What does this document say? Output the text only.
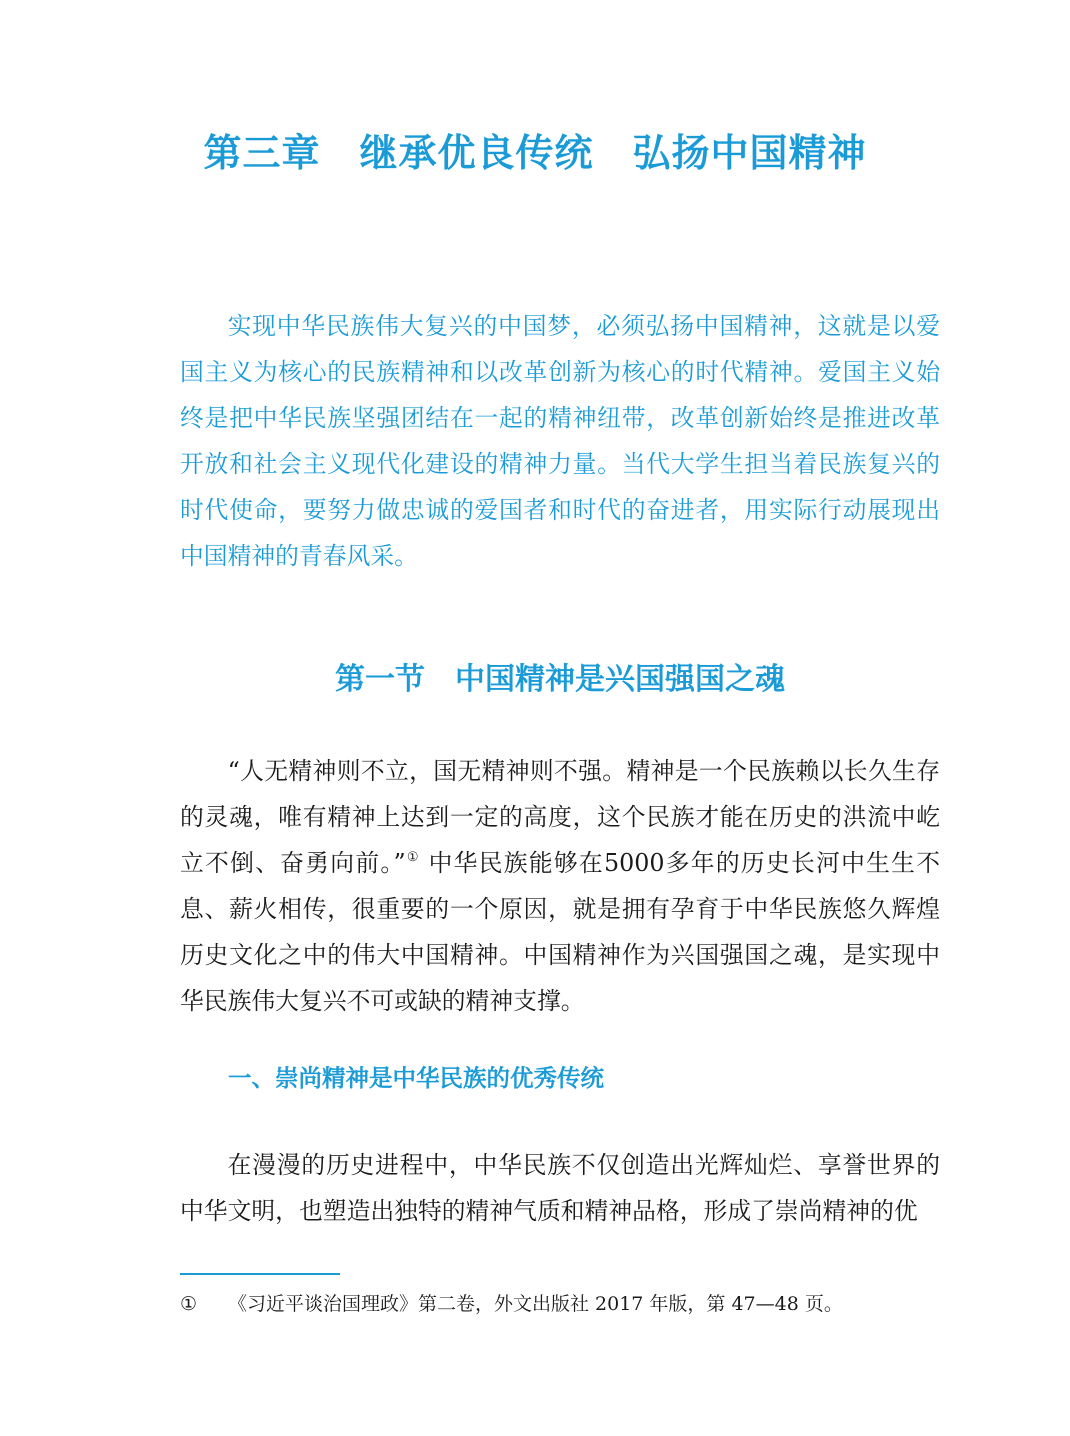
第三章　继承优良传统　弘扬中国精神

实现中华民族伟大复兴的中国梦，必须弘扬中国精神，这就是以爱国主义为核心的民族精神和以改革创新为核心的时代精神。爱国主义始终是把中华民族坚强团结在一起的精神纽带，改革创新始终是推进改革开放和社会主义现代化建设的精神力量。当代大学生担当着民族复兴的时代使命，要努力做忠诚的爱国者和时代的奋进者，用实际行动展现出中国精神的青春风采。

第一节　中国精神是兴国强国之魂

“人无精神则不立，国无精神则不强。精神是一个民族赖以长久生存的灵魂，唯有精神上达到一定的高度，这个民族才能在历史的洪流中屹立不倒、奋勇向前。”① 中华民族能够在5000多年的历史长河中生生不息、薪火相传，很重要的一个原因，就是拥有孕育于中华民族悠久辉煌历史文化之中的伟大中国精神。中国精神作为兴国强国之魂，是实现中华民族伟大复兴不可或缺的精神支撑。

一、崇尚精神是中华民族的优秀传统

在漫漫的历史进程中，中华民族不仅创造出光辉灿烂、享誉世界的中华文明，也塑造出独特的精神气质和精神品格，形成了崇尚精神的优

① 《习近平谈治国理政》第二卷，外文出版社 2017 年版，第 47—48 页。
